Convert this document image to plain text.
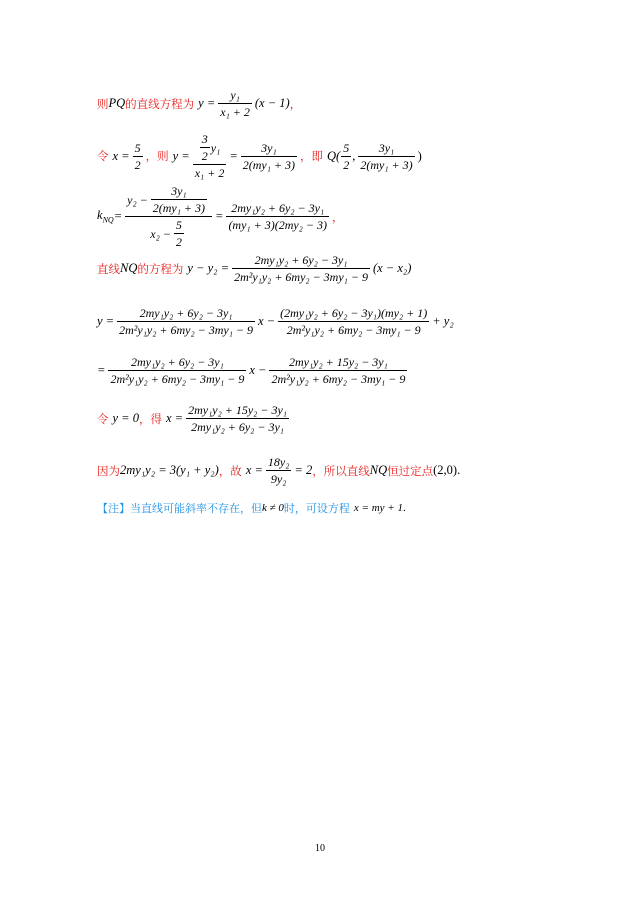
则 PQ 的直线方程为 $y = \frac{\text{y₁}}{\text{x₁ + 2}} (x - 1)$ ，
令 $x = \frac{5}{2}$ ，则 $y = \frac{\frac{3}{2} y_1}{\text{x₁ + 2}} = \frac{\text{3y₁}}{\text{2(my₁ + 3)}}$ ，即 $Q( \frac{5}{2}$ , $\frac{\text{3y₁}}{\text{2(my₁ + 3)}}$ )
$k_{NQ} = \frac{y_2 - \frac{\text{3y₁}}{\text{2(my₁ + 3)}}}{x_2 - \frac{5}{2}} = \frac{\text{2my₁y₂ + 6y₂ − 3y₁}}{\text{(my₁ + 3)(2my₂ − 3)}}$ ，
直线 NQ 的方程为 $y - y_2 = \frac{\text{2my₁y₂ + 6y₂ − 3y₁}}{\text{2m²y₁y₂ + 6my₂ − 3my₁ − 9}} (x - x_2)$
$y = \frac{\text{2my₁y₂ + 6y₂ − 3y₁}}{\text{2m²y₁y₂ + 6my₂ − 3my₁ − 9}}$ $x - \frac{\text{(2my₁y₂ + 6y₂ − 3y₁)(my₂ + 1)}}{\text{2m²y₁y₂ + 6my₂ − 3my₁ − 9}} + y_2$
= $\frac{\text{2my₁y₂ + 6y₂ − 3y₁}}{\text{2m²y₁y₂ + 6my₂ − 3my₁ − 9}}$ $x - \frac{\text{2my₁y₂ + 15y₂ − 3y₁}}{\text{2m²y₁y₂ + 6my₂ − 3my₁ − 9}}$
令 y = 0 ，得 $x = \frac{\text{2my₁y₂ + 15y₂ − 3y₁}}{\text{2my₁y₂ + 6y₂ − 3y₁}}$
因为 2my₁y₂ = 3(y₁ + y₂) ，故 $x = \frac{\text{18y₂}}{\text{9y₂}} = 2$ ，所以直线 NQ 恒过定点 (2,0) .
【注】当直线可能斜率不存在，但 k ≠ 0 时，可设方程 x = my + 1 .
10
